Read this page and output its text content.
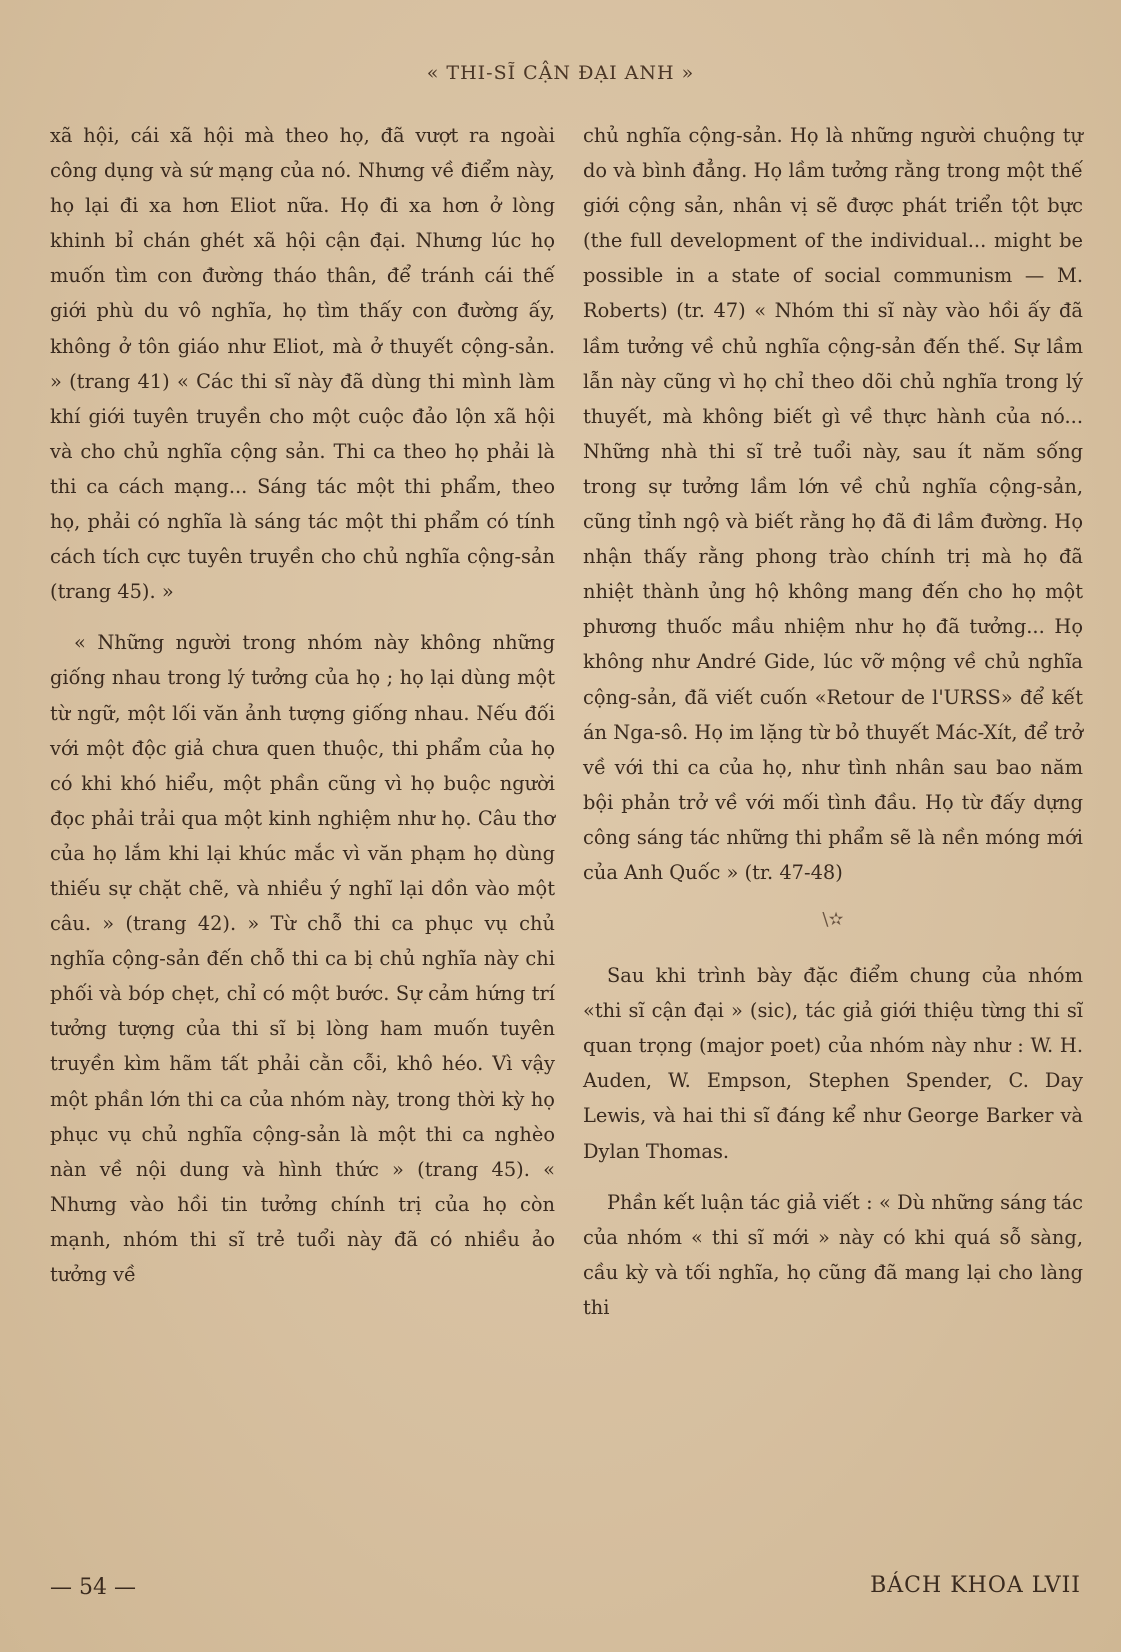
« THI-SĨ CẬN ĐẠI ANH »

xã hội, cái xã hội mà theo họ, đã vượt ra ngoài công dụng và sứ mạng của nó. Nhưng về điểm này, họ lại đi xa hơn Eliot nữa. Họ đi xa hơn ở lòng khinh bỉ chán ghét xã hội cận đại. Nhưng lúc họ muốn tìm con đường tháo thân, để tránh cái thế giới phù du vô nghĩa, họ tìm thấy con đường ấy, không ở tôn giáo như Eliot, mà ở thuyết cộng-sản. » (trang 41) « Các thi sĩ này đã dùng thi mình làm khí giới tuyên truyền cho một cuộc đảo lộn xã hội và cho chủ nghĩa cộng sản. Thi ca theo họ phải là thi ca cách mạng... Sáng tác một thi phẩm, theo họ, phải có nghĩa là sáng tác một thi phẩm có tính cách tích cực tuyên truyền cho chủ nghĩa cộng-sản (trang 45). »

« Những người trong nhóm này không những giống nhau trong lý tưởng của họ ; họ lại dùng một từ ngữ, một lối văn ảnh tượng giống nhau. Nếu đối với một độc giả chưa quen thuộc, thi phẩm của họ có khi khó hiểu, một phần cũng vì họ buộc người đọc phải trải qua một kinh nghiệm như họ. Câu thơ của họ lắm khi lại khúc mắc vì văn phạm họ dùng thiếu sự chặt chẽ, và nhiều ý nghĩ lại dồn vào một câu. » (trang 42). » Từ chỗ thi ca phục vụ chủ nghĩa cộng-sản đến chỗ thi ca bị chủ nghĩa này chi phối và bóp chẹt, chỉ có một bước. Sự cảm hứng trí tưởng tượng của thi sĩ bị lòng ham muốn tuyên truyền kìm hãm tất phải cằn cỗi, khô héo. Vì vậy một phần lớn thi ca của nhóm này, trong thời kỳ họ phục vụ chủ nghĩa cộng-sản là một thi ca nghèo nàn về nội dung và hình thức » (trang 45). « Nhưng vào hồi tin tưởng chính trị của họ còn mạnh, nhóm thi sĩ trẻ tuổi này đã có nhiều ảo tưởng về

chủ nghĩa cộng-sản. Họ là những người chuộng tự do và bình đẳng. Họ lầm tưởng rằng trong một thế giới cộng sản, nhân vị sẽ được phát triển tột bực (the full development of the individual... might be possible in a state of social communism — M. Roberts) (tr. 47) « Nhóm thi sĩ này vào hồi ấy đã lầm tưởng về chủ nghĩa cộng-sản đến thế. Sự lầm lẫn này cũng vì họ chỉ theo dõi chủ nghĩa trong lý thuyết, mà không biết gì về thực hành của nó... Những nhà thi sĩ trẻ tuổi này, sau ít năm sống trong sự tưởng lầm lớn về chủ nghĩa cộng-sản, cũng tỉnh ngộ và biết rằng họ đã đi lầm đường. Họ nhận thấy rằng phong trào chính trị mà họ đã nhiệt thành ủng hộ không mang đến cho họ một phương thuốc mầu nhiệm như họ đã tưởng... Họ không như André Gide, lúc vỡ mộng về chủ nghĩa cộng-sản, đã viết cuốn «Retour de l'URSS» để kết án Nga-sô. Họ im lặng từ bỏ thuyết Mác-Xít, để trở về với thi ca của họ, như tình nhân sau bao năm bội phản trở về với mối tình đầu. Họ từ đấy dựng công sáng tác những thi phẩm sẽ là nền móng mới của Anh Quốc » (tr. 47-48)

\✫

Sau khi trình bày đặc điểm chung của nhóm «thi sĩ cận đại » (sic), tác giả giới thiệu từng thi sĩ quan trọng (major poet) của nhóm này như : W. H. Auden, W. Empson, Stephen Spender, C. Day Lewis, và hai thi sĩ đáng kể như George Barker và Dylan Thomas.

Phần kết luận tác giả viết : « Dù những sáng tác của nhóm « thi sĩ mới » này có khi quá sỗ sàng, cầu kỳ và tối nghĩa, họ cũng đã mang lại cho làng thi

— 54 —	BÁCH KHOA LVII
